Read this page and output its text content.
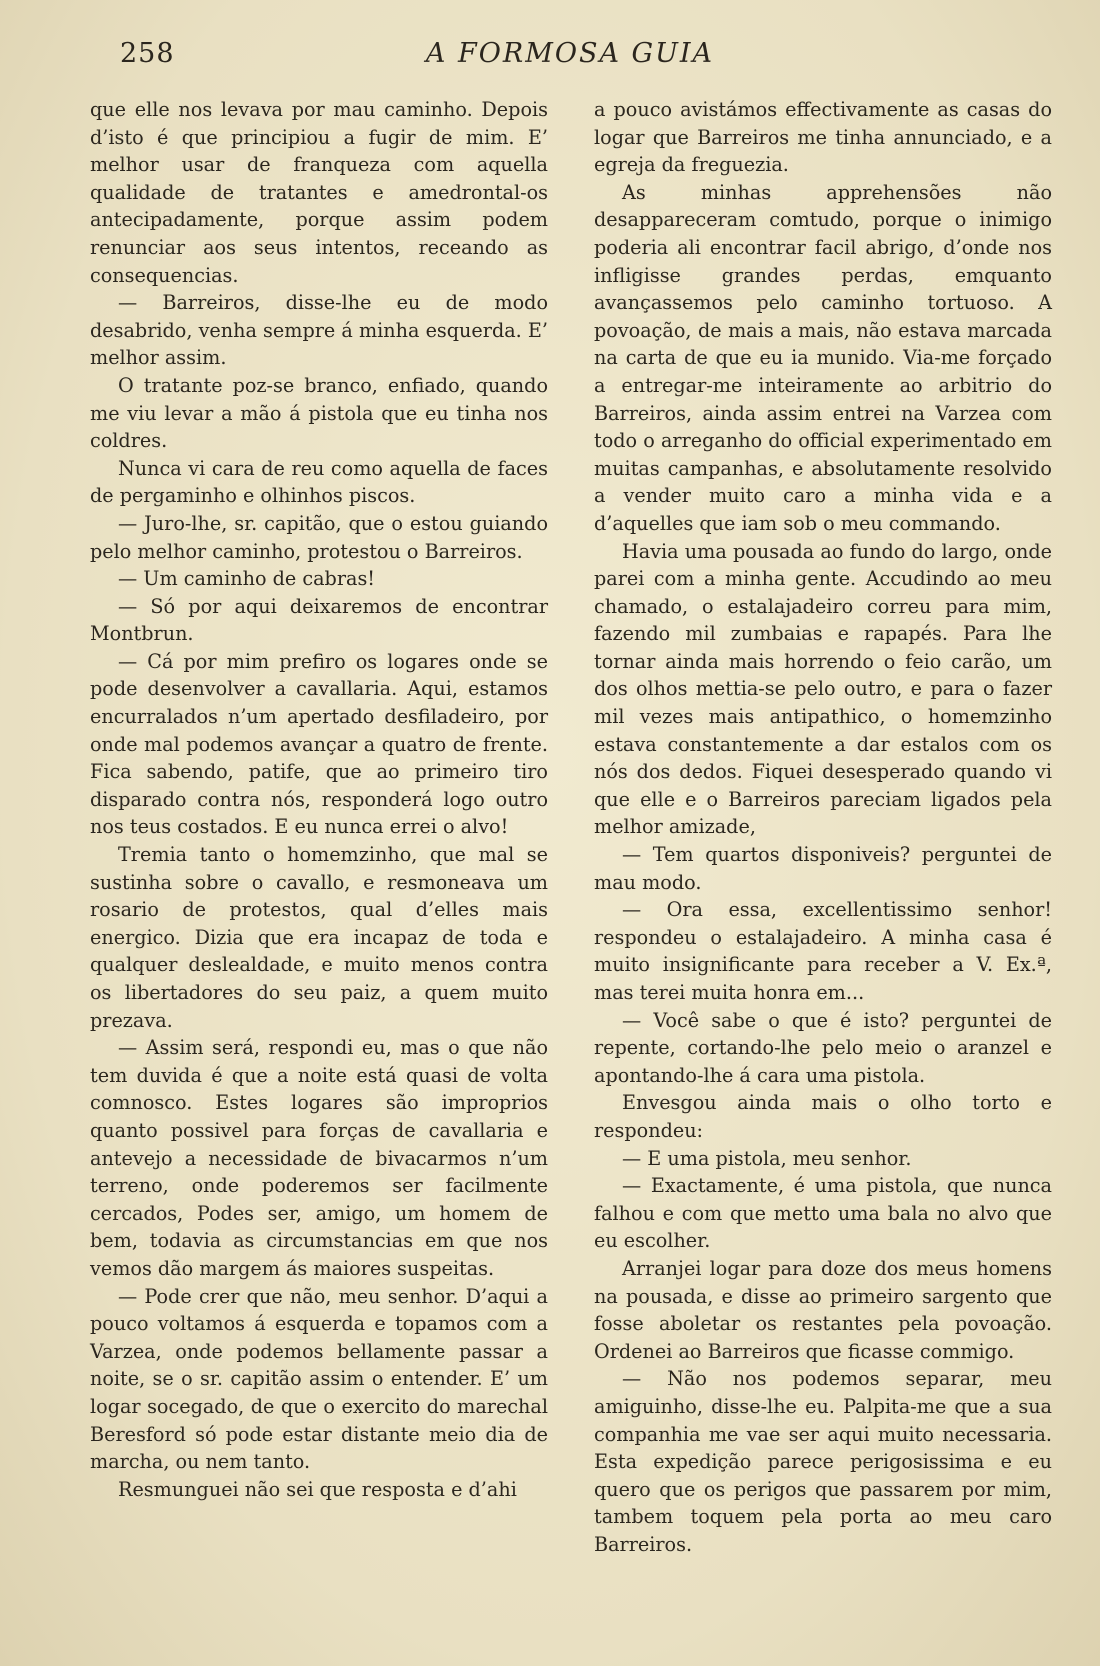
258	A FORMOSA GUIA

que elle nos levava por mau caminho. Depois d’isto é que principiou a fugir de mim. E’ melhor usar de franqueza com aquella qualidade de tratantes e amedrontal-os antecipadamente, porque assim podem renunciar aos seus intentos, receando as consequencias.

— Barreiros, disse-lhe eu de modo desabrido, venha sempre á minha esquerda. E’ melhor assim.

O tratante poz-se branco, enfiado, quando me viu levar a mão á pistola que eu tinha nos coldres.

Nunca vi cara de reu como aquella de faces de pergaminho e olhinhos piscos.

— Juro-lhe, sr. capitão, que o estou guiando pelo melhor caminho, protestou o Barreiros.

— Um caminho de cabras!

— Só por aqui deixaremos de encontrar Montbrun.

— Cá por mim prefiro os logares onde se pode desenvolver a cavallaria. Aqui, estamos encurralados n’um apertado desfiladeiro, por onde mal podemos avançar a quatro de frente. Fica sabendo, patife, que ao primeiro tiro disparado contra nós, responderá logo outro nos teus costados. E eu nunca errei o alvo!

Tremia tanto o homemzinho, que mal se sustinha sobre o cavallo, e resmoneava um rosario de protestos, qual d’elles mais energico. Dizia que era incapaz de toda e qualquer deslealdade, e muito menos contra os libertadores do seu paiz, a quem muito prezava.

— Assim será, respondi eu, mas o que não tem duvida é que a noite está quasi de volta comnosco. Estes logares são improprios quanto possivel para forças de cavallaria e antevejo a necessidade de bivacarmos n’um terreno, onde poderemos ser facilmente cercados, Podes ser, amigo, um homem de bem, todavia as circumstancias em que nos vemos dão margem ás maiores suspeitas.

— Pode crer que não, meu senhor. D’aqui a pouco voltamos á esquerda e topamos com a Varzea, onde podemos bellamente passar a noite, se o sr. capitão assim o entender. E’ um logar socegado, de que o exercito do marechal Beresford só pode estar distante meio dia de marcha, ou nem tanto.

Resmunguei não sei que resposta e d’ahi

a pouco avistámos effectivamente as casas do logar que Barreiros me tinha annunciado, e a egreja da freguezia.

As minhas apprehensões não desappareceram comtudo, porque o inimigo poderia ali encontrar facil abrigo, d’onde nos infligisse grandes perdas, emquanto avançassemos pelo caminho tortuoso. A povoação, de mais a mais, não estava marcada na carta de que eu ia munido. Via-me forçado a entregar-me inteiramente ao arbitrio do Barreiros, ainda assim entrei na Varzea com todo o arreganho do official experimentado em muitas campanhas, e absolutamente resolvido a vender muito caro a minha vida e a d’aquelles que iam sob o meu commando.

Havia uma pousada ao fundo do largo, onde parei com a minha gente. Accudindo ao meu chamado, o estalajadeiro correu para mim, fazendo mil zumbaias e rapapés. Para lhe tornar ainda mais horrendo o feio carão, um dos olhos mettia-se pelo outro, e para o fazer mil vezes mais antipathico, o homemzinho estava constantemente a dar estalos com os nós dos dedos. Fiquei desesperado quando vi que elle e o Barreiros pareciam ligados pela melhor amizade,

— Tem quartos disponiveis? perguntei de mau modo.

— Ora essa, excellentissimo senhor! respondeu o estalajadeiro. A minha casa é muito insignificante para receber a V. Ex.ª, mas terei muita honra em...

— Você sabe o que é isto? perguntei de repente, cortando-lhe pelo meio o aranzel e apontando-lhe á cara uma pistola.

Envesgou ainda mais o olho torto e respondeu:

— E uma pistola, meu senhor.

— Exactamente, é uma pistola, que nunca falhou e com que metto uma bala no alvo que eu escolher.

Arranjei logar para doze dos meus homens na pousada, e disse ao primeiro sargento que fosse aboletar os restantes pela povoação. Ordenei ao Barreiros que ficasse commigo.

— Não nos podemos separar, meu amiguinho, disse-lhe eu. Palpita-me que a sua companhia me vae ser aqui muito necessaria. Esta expedição parece perigosissima e eu quero que os perigos que passarem por mim, tambem toquem pela porta ao meu caro Barreiros.
